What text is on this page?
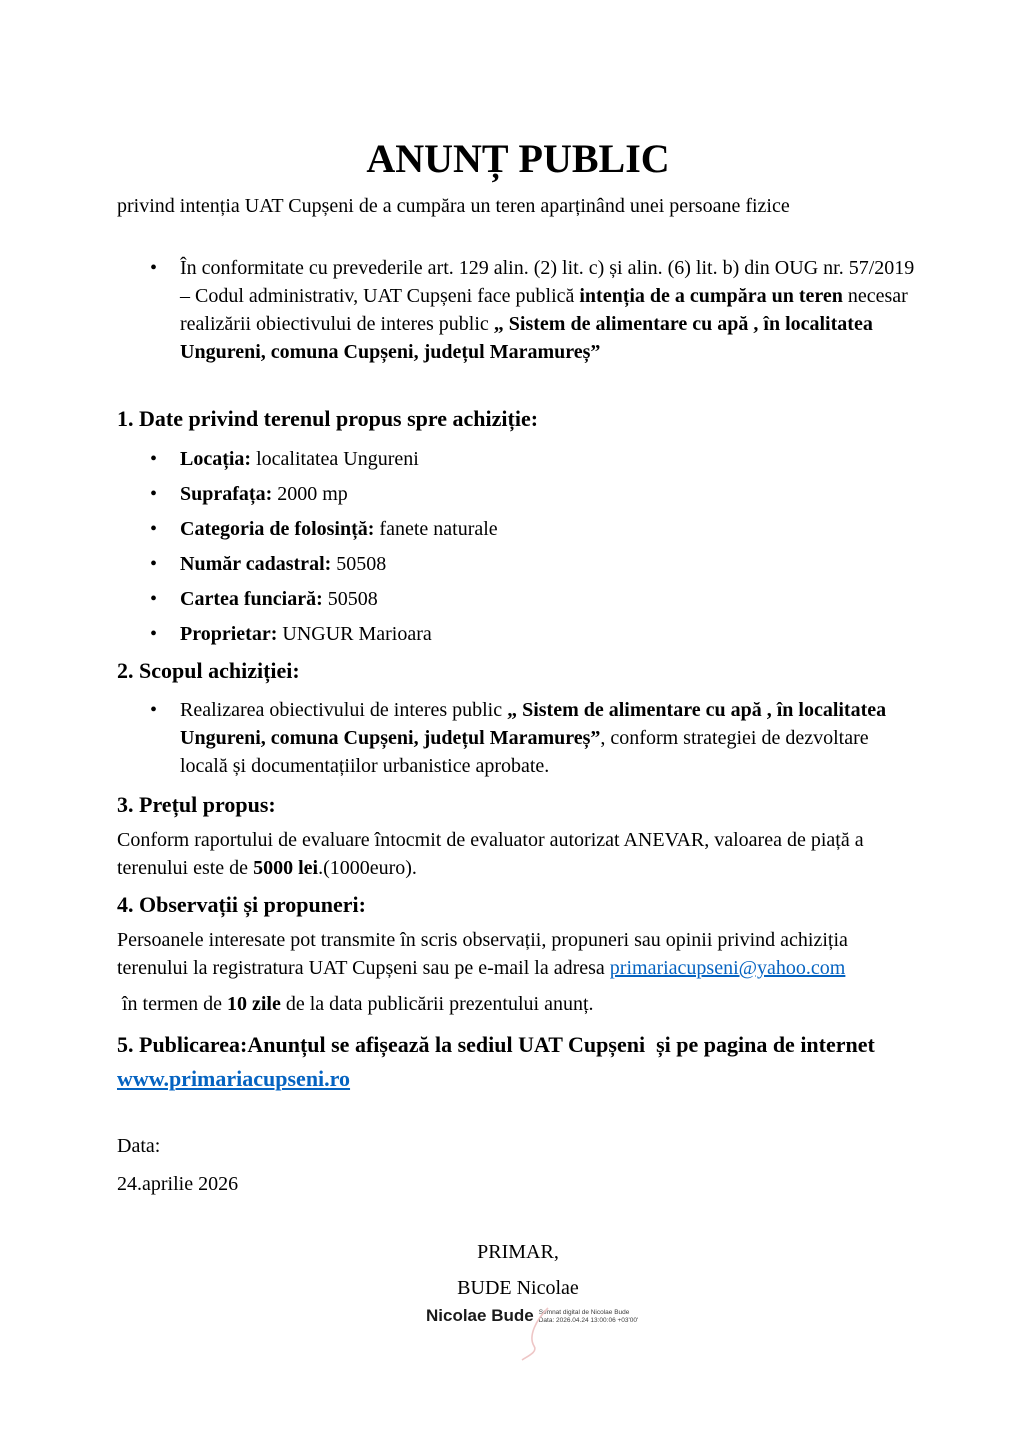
ANUNȚ PUBLIC

privind intenția UAT Cupșeni de a cumpăra un teren aparținând unei persoane fizice

• În conformitate cu prevederile art. 129 alin. (2) lit. c) și alin. (6) lit. b) din OUG nr. 57/2019 – Codul administrativ, UAT Cupșeni face publică intenția de a cumpăra un teren necesar realizării obiectivului de interes public „ Sistem de alimentare cu apă , în localitatea Ungureni, comuna Cupșeni, județul Maramureș”
1. Date privind terenul propus spre achiziție:
• Locația: localitatea Ungureni
• Suprafața: 2000 mp
• Categoria de folosință: fanete naturale
• Număr cadastral: 50508
• Cartea funciară: 50508
• Proprietar: UNGUR Marioara
2. Scopul achiziției:
• Realizarea obiectivului de interes public „ Sistem de alimentare cu apă , în localitatea Ungureni, comuna Cupșeni, județul Maramureș”, conform strategiei de dezvoltare locală și documentațiilor urbanistice aprobate.
3. Prețul propus:

Conform raportului de evaluare întocmit de evaluator autorizat ANEVAR, valoarea de piață a terenului este de 5000 lei.(1000euro).

4. Observații și propuneri:

Persoanele interesate pot transmite în scris observații, propuneri sau opinii privind achiziția terenului la registratura UAT Cupșeni sau pe e-mail la adresa primariacupseni@yahoo.com

în termen de 10 zile de la data publicării prezentului anunț.

5. Publicarea:Anunțul se afișează la sediul UAT Cupșeni  și pe pagina de internet www.primariacupseni.ro

Data:

24.aprilie 2026

PRIMAR,

BUDE Nicolae

Nicolae Bude Semnat digital de Nicolae Bude
Data: 2026.04.24 13:00:06 +03'00'
